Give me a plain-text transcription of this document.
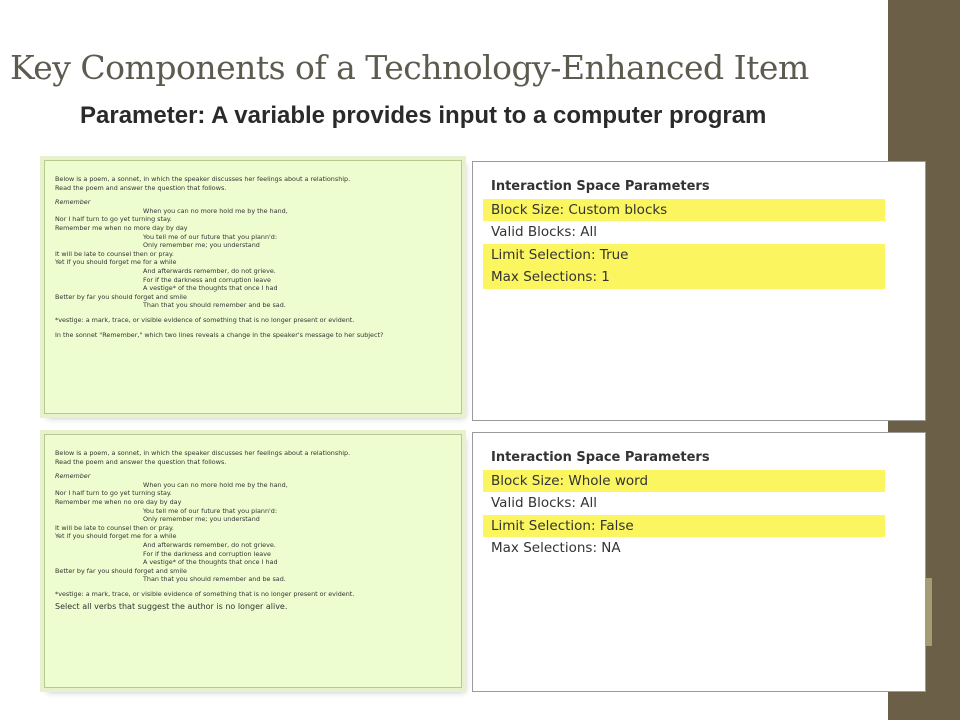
Key Components of a Technology-Enhanced Item
Parameter: A variable provides input to a computer program

Below is a poem, a sonnet, in which the speaker discusses her feelings about a relationship.

Read the poem and answer the question that follows.

Remember

When you can no more hold me by the hand,

Nor I half turn to go yet turning stay.

Remember me when no more day by day

You tell me of our future that you plann'd:

Only remember me; you understand

It will be late to counsel then or pray.

Yet if you should forget me for a while

And afterwards remember, do not grieve.

For if the darkness and corruption leave

A vestige* of the thoughts that once I had

Better by far you should forget and smile

Than that you should remember and be sad.

*vestige: a mark, trace, or visible evidence of something that is no longer present or evident.

In the sonnet "Remember," which two lines reveals a change in the speaker's message to her subject?

Interaction Space Parameters
Block Size: Custom blocks
Valid Blocks: All
Limit Selection: True
Max Selections: 1

Below is a poem, a sonnet, in which the speaker discusses her feelings about a relationship.

Read the poem and answer the question that follows.

Remember

When you can no more hold me by the hand,

Nor I half turn to go yet turning stay.

Remember me when no ore day by day

You tell me of our future that you plann'd:

Only remember me; you understand

It will be late to counsel then or pray.

Yet if you should forget me for a while

And afterwards remember, do not grieve.

For if the darkness and corruption leave

A vestige* of the thoughts that once I had

Better by far you should forget and smile

Than that you should remember and be sad.

*vestige: a mark, trace, or visible evidence of something that is no longer present or evident.

Select all verbs that suggest the author is no longer alive.

Interaction Space Parameters
Block Size: Whole word
Valid Blocks: All
Limit Selection: False
Max Selections: NA
